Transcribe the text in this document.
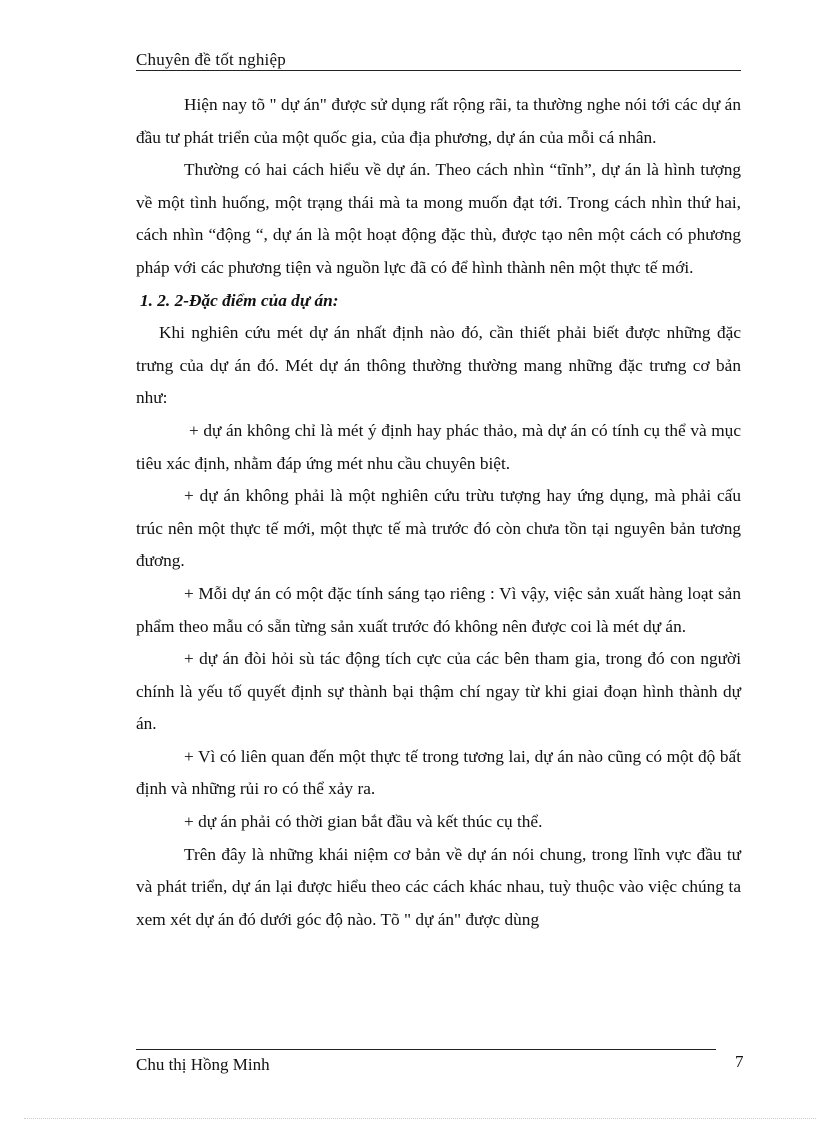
Chuyên đề tốt nghiệp

Hiện nay tõ " dự án" được sử dụng rất rộng rãi, ta thường nghe nói tới các dự án đầu tư phát triển của một quốc gia, của địa phương, dự án của mỗi cá nhân.

Thường có hai cách hiểu về dự án. Theo cách nhìn “tĩnh”, dự án là hình tượng về một tình huống, một trạng thái mà ta mong muốn đạt tới. Trong cách nhìn thứ hai, cách nhìn “động “, dự án là một hoạt động đặc thù, được tạo nên một cách có phương pháp với các phương tiện và nguồn lực đã có để hình thành nên một thực tế mới.

1. 2. 2-Đặc điểm của dự án:

Khi nghiên cứu mét dự án nhất định nào đó, cần thiết phải biết được những đặc trưng của dự án đó. Mét dự án thông thường thường mang những đặc trưng cơ bản như:

+ dự án không chỉ là mét ý định hay phác thảo, mà dự án có tính cụ thể và mục tiêu xác định, nhằm đáp ứng mét nhu cầu chuyên biệt.

+ dự án không phải là một nghiên cứu trừu tượng hay ứng dụng, mà phải cấu trúc nên một thực tế mới, một thực tế mà trước đó còn chưa tồn tại nguyên bản tương đương.

+ Mỗi dự án có một đặc tính sáng tạo riêng : Vì vậy, việc sản xuất hàng loạt sản phẩm theo mẫu có sẵn từng sản xuất trước đó không nên được coi là mét dự án.

+ dự án đòi hỏi sù tác động tích cực của các bên tham gia, trong đó con người chính là yếu tố quyết định sự thành bại thậm chí ngay từ khi giai đoạn hình thành dự án.

+ Vì có liên quan đến một thực tế trong tương lai, dự án nào cũng có một độ bất định và những rủi ro có thể xảy ra.

+ dự án phải có thời gian bắt đầu và kết thúc cụ thể.

Trên đây là những khái niệm cơ bản về dự án nói chung, trong lĩnh vực đầu tư và phát triển, dự án lại được hiểu theo các cách khác nhau, tuỳ thuộc vào việc chúng ta xem xét dự án đó dưới góc độ nào. Tõ " dự án" được dùng

Chu thị Hồng Minh	7
